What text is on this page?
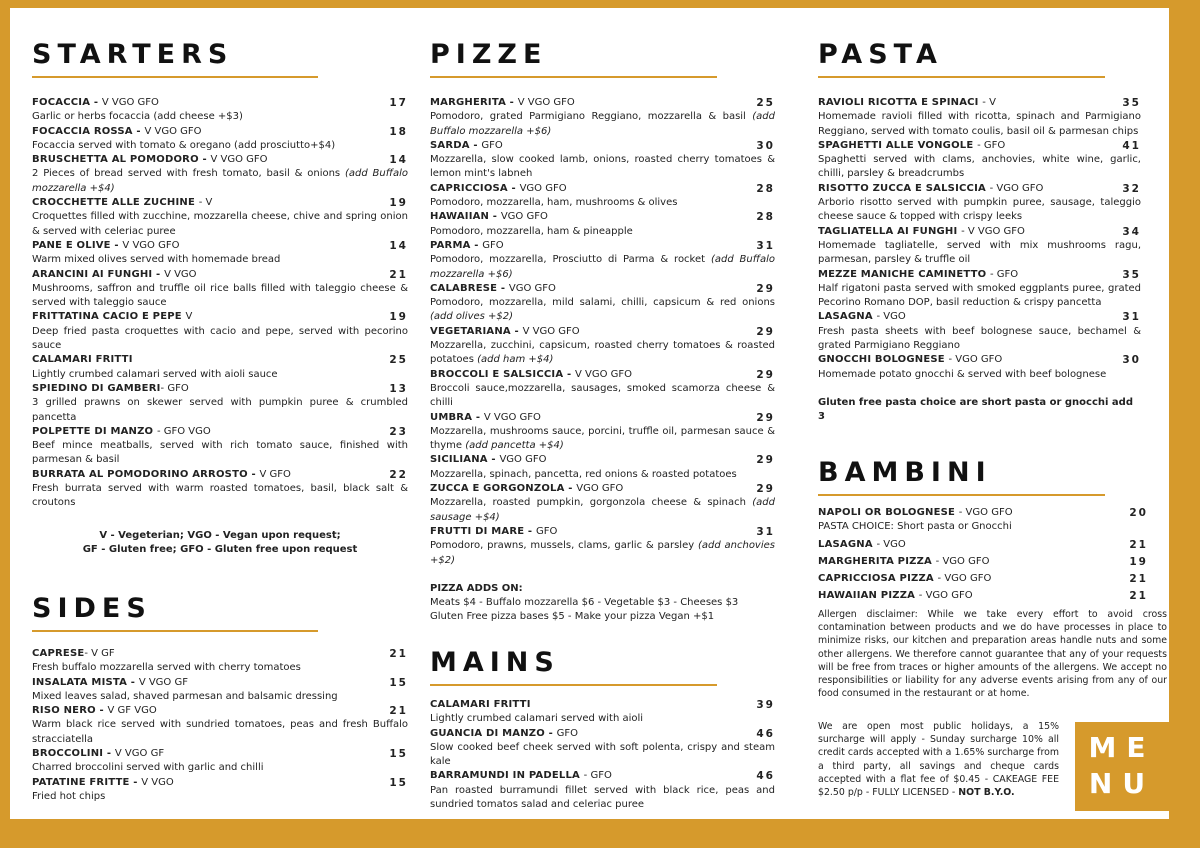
STARTERS
FOCACCIA - V VGO GFO	17
Garlic or herbs focaccia (add cheese +$3)
FOCACCIA ROSSA - V VGO GFO	18
Focaccia served with tomato & oregano (add prosciutto+$4)
BRUSCHETTA AL POMODORO - V VGO GFO	14
2 Pieces of bread served with fresh tomato, basil & onions (add Buffalo mozzarella +$4)
CROCCHETTE ALLE ZUCHINE - V	19
Croquettes filled with zucchine, mozzarella cheese, chive and spring onion & served with celeriac puree
PANE E OLIVE - V VGO GFO	14
Warm mixed olives served with homemade bread
ARANCINI AI FUNGHI - V VGO	21
Mushrooms, saffron and truffle oil rice balls filled with taleggio cheese & served with taleggio sauce
FRITTATINA CACIO E PEPE V	19
Deep fried pasta croquettes with cacio and pepe, served with pecorino sauce
CALAMARI FRITTI	25
Lightly crumbed calamari served with aioli sauce
SPIEDINO DI GAMBERI- GFO	13
3 grilled prawns on skewer served with pumpkin puree & crumbled pancetta
POLPETTE DI MANZO - GFO VGO	23
Beef mince meatballs, served with rich tomato sauce, finished with parmesan & basil
BURRATA AL POMODORINO ARROSTO - V GFO	22
Fresh burrata served with warm roasted tomatoes, basil, black salt & croutons
V - Vegeterian; VGO - Vegan upon request;
GF - Gluten free; GFO - Gluten free upon request
SIDES
CAPRESE- V GF	21
Fresh buffalo mozzarella served with cherry tomatoes
INSALATA MISTA - V VGO GF	15
Mixed leaves salad, shaved parmesan and balsamic dressing
RISO NERO - V GF VGO	21
Warm black rice served with sundried tomatoes, peas and fresh Buffalo stracciatella
BROCCOLINI - V VGO GF	15
Charred broccolini served with garlic and chilli
PATATINE FRITTE - V VGO	15
Fried hot chips
PIZZE
MARGHERITA - V VGO GFO	25
Pomodoro, grated Parmigiano Reggiano, mozzarella & basil (add Buffalo mozzarella +$6)
SARDA - GFO	30
Mozzarella, slow cooked lamb, onions, roasted cherry tomatoes & lemon mint's labneh
CAPRICCIOSA - VGO GFO	28
Pomodoro, mozzarella, ham, mushrooms & olives
HAWAIIAN - VGO GFO	28
Pomodoro, mozzarella, ham & pineapple
PARMA - GFO	31
Pomodoro, mozzarella, Prosciutto di Parma & rocket (add Buffalo mozzarella +$6)
CALABRESE - VGO GFO	29
Pomodoro, mozzarella, mild salami, chilli, capsicum & red onions (add olives +$2)
VEGETARIANA - V VGO GFO	29
Mozzarella, zucchini, capsicum, roasted cherry tomatoes & roasted potatoes (add ham +$4)
BROCCOLI E SALSICCIA - V VGO GFO	29
Broccoli sauce,mozzarella, sausages, smoked scamorza cheese & chilli
UMBRA - V VGO GFO	29
Mozzarella, mushrooms sauce, porcini, truffle oil, parmesan sauce & thyme (add pancetta +$4)
SICILIANA - VGO GFO	29
Mozzarella, spinach, pancetta, red onions & roasted potatoes
ZUCCA E GORGONZOLA - VGO GFO	29
Mozzarella, roasted pumpkin, gorgonzola cheese & spinach (add sausage +$4)
FRUTTI DI MARE - GFO	31
Pomodoro, prawns, mussels, clams, garlic & parsley (add anchovies +$2)
PIZZA ADDS ON:
Meats $4 - Buffalo mozzarella $6 - Vegetable $3 - Cheeses $3
Gluten Free pizza bases $5 - Make your pizza Vegan +$1
MAINS
CALAMARI FRITTI	39
Lightly crumbed calamari served with aioli
GUANCIA DI MANZO - GFO	46
Slow cooked beef cheek served with soft polenta, crispy and steam kale
BARRAMUNDI IN PADELLA - GFO	46
Pan roasted burramundi fillet served with black rice, peas and sundried tomatos salad and celeriac puree
PASTA
RAVIOLI RICOTTA E SPINACI - V	35
Homemade ravioli filled with ricotta, spinach and Parmigiano Reggiano, served with tomato coulis, basil oil & parmesan chips
SPAGHETTI ALLE VONGOLE - GFO	41
Spaghetti served with clams, anchovies, white wine, garlic, chilli, parsley & breadcrumbs
RISOTTO ZUCCA E SALSICCIA - VGO GFO	32
Arborio risotto served with pumpkin puree, sausage, taleggio cheese sauce & topped with crispy leeks
TAGLIATELLA AI FUNGHI - V VGO GFO	34
Homemade tagliatelle, served with mix mushrooms ragu, parmesan, parsley & truffle oil
MEZZE MANICHE CAMINETTO - GFO	35
Half rigatoni pasta served with smoked eggplants puree, grated Pecorino Romano DOP, basil reduction & crispy pancetta
LASAGNA - VGO	31
Fresh pasta sheets with beef bolognese sauce, bechamel & grated Parmigiano Reggiano
GNOCCHI BOLOGNESE - VGO GFO	30
Homemade potato gnocchi & served with beef bolognese
Gluten free pasta choice are short pasta or gnocchi add 3
BAMBINI
NAPOLI OR BOLOGNESE - VGO GFO	20
PASTA CHOICE: Short pasta or Gnocchi
LASAGNA - VGO	21
MARGHERITA PIZZA - VGO GFO	19
CAPRICCIOSA PIZZA - VGO GFO	21
HAWAIIAN PIZZA - VGO GFO	21
Allergen disclaimer: While we take every effort to avoid cross contamination between products and we do have processes in place to minimize risks, our kitchen and preparation areas handle nuts and some other allergens. We therefore cannot guarantee that any of your requests will be free from traces or higher amounts of the allergens. We accept no responsibilities or liability for any adverse events arising from any of our food consumed in the restaurant or at home.
We are open most public holidays, a 15% surcharge will apply - Sunday surcharge 10% all credit cards accepted with a 1.65% surcharge from a third party, all savings and cheque cards accepted with a flat fee of $0.45 - CAKEAGE FEE $2.50 p/p - FULLY LICENSED - NOT B.Y.O.
ME
NU
